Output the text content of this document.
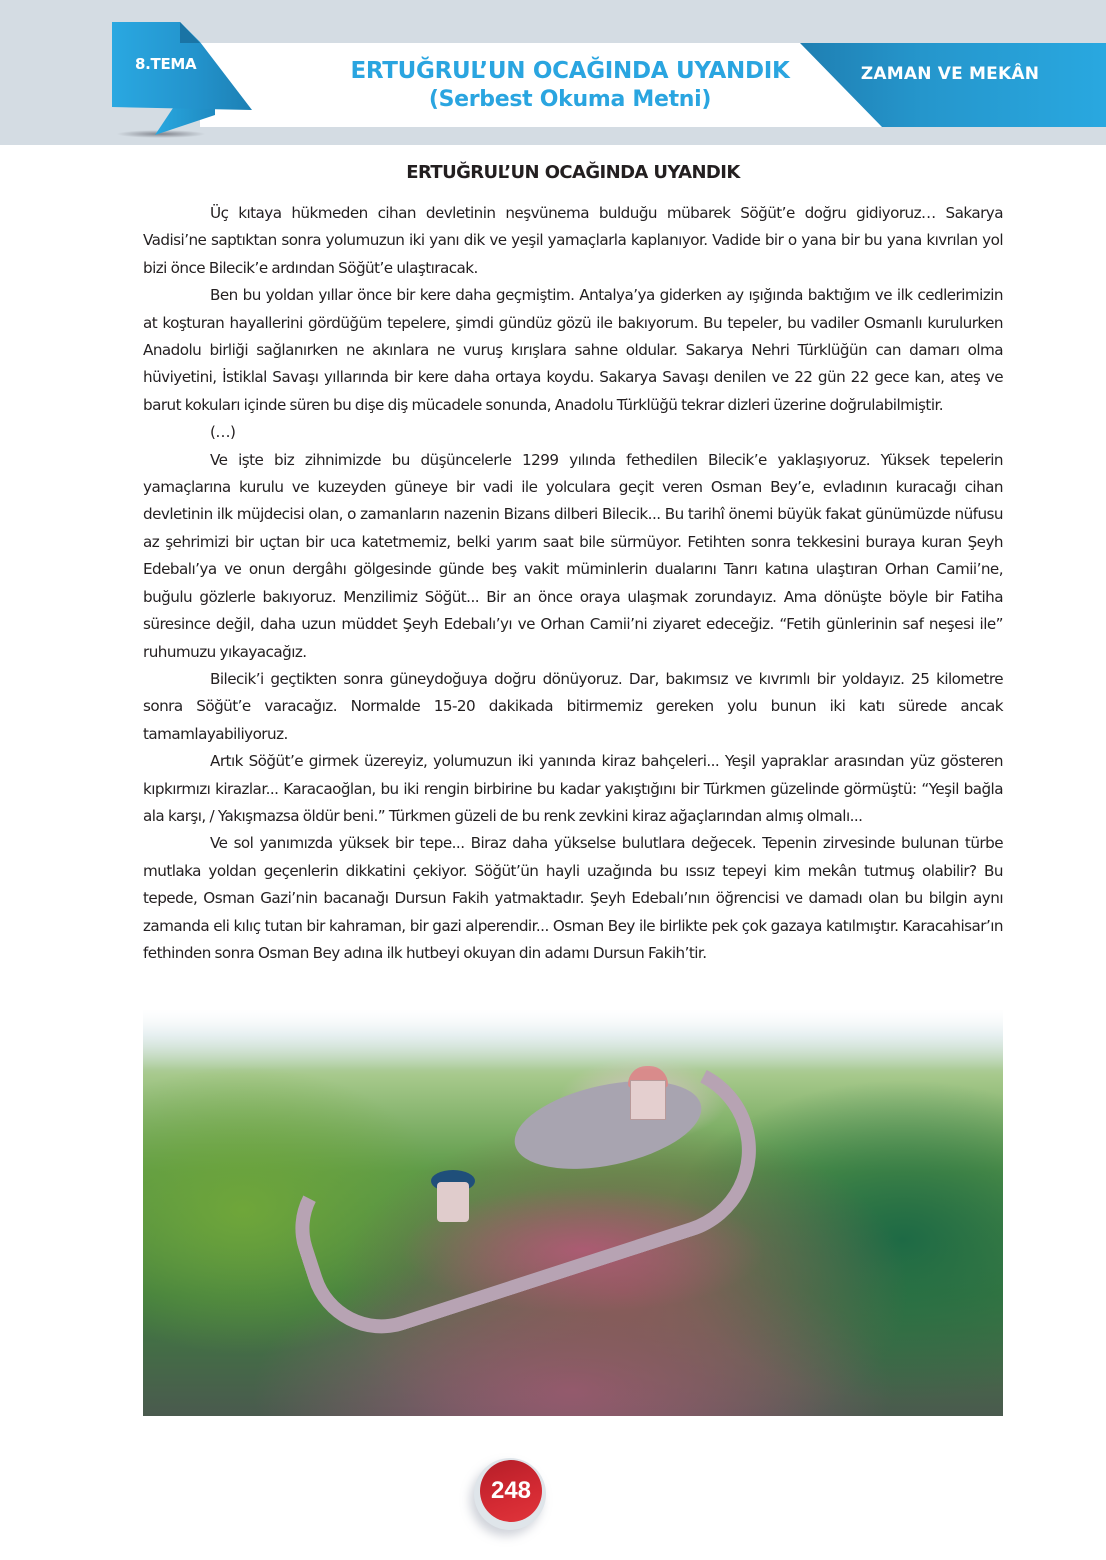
ZAMAN VE MEKÂN
8.TEMA	ERTUĞRUL’UN OCAĞINDA UYANDIK
(Serbest Okuma Metni)
ERTUĞRUL’UN OCAĞINDA UYANDIK

Üç kıtaya hükmeden cihan devletinin neşvünema bulduğu mübarek Söğüt’e doğru gidiyoruz… Sakarya Vadisi’ne saptıktan sonra yolumuzun iki yanı dik ve yeşil yamaçlarla kaplanıyor. Vadide bir o yana bir bu yana kıvrılan yol bizi önce Bilecik’e ardından Söğüt’e ulaştıracak.

Ben bu yoldan yıllar önce bir kere daha geçmiştim. Antalya’ya giderken ay ışığında baktığım ve ilk cedlerimizin at koşturan hayallerini gördüğüm tepelere, şimdi gündüz gözü ile bakıyorum. Bu tepeler, bu vadiler Osmanlı kurulurken Anadolu birliği sağlanırken ne akınlara ne vuruş kırışlara sahne oldular. Sakarya Nehri Türklüğün can damarı olma hüviyetini, İstiklal Savaşı yıllarında bir kere daha ortaya koydu. Sakarya Savaşı denilen ve 22 gün 22 gece kan, ateş ve barut kokuları içinde süren bu dişe diş mücadele sonunda, Anadolu Türklüğü tekrar dizleri üzerine doğrulabilmiştir.

(…)

Ve işte biz zihnimizde bu düşüncelerle 1299 yılında fethedilen Bilecik’e yaklaşıyoruz. Yüksek tepelerin yamaçlarına kurulu ve kuzeyden güneye bir vadi ile yolculara geçit veren Osman Bey’e, evladının kuracağı cihan devletinin ilk müjdecisi olan, o zamanların nazenin Bizans dilberi Bilecik... Bu tarihî önemi büyük fakat günümüzde nüfusu az şehrimizi bir uçtan bir uca katetmemiz, belki yarım saat bile sürmüyor. Fetihten sonra tekkesini buraya kuran Şeyh Edebalı’ya ve onun dergâhı gölgesinde günde beş vakit müminlerin dualarını Tanrı katına ulaştıran Orhan Camii’ne, buğulu gözlerle bakıyoruz. Menzilimiz Söğüt... Bir an önce oraya ulaşmak zorundayız. Ama dönüşte böyle bir Fatiha süresince değil, daha uzun müddet Şeyh Edebalı’yı ve Orhan Camii’ni ziyaret edeceğiz. “Fetih günlerinin saf neşesi ile” ruhumuzu yıkayacağız.

Bilecik’i geçtikten sonra güneydoğuya doğru dönüyoruz. Dar, bakımsız ve kıvrımlı bir yoldayız. 25 kilometre sonra Söğüt’e varacağız. Normalde 15-20 dakikada bitirmemiz gereken yolu bunun iki katı sürede ancak tamamlayabiliyoruz.

Artık Söğüt’e girmek üzereyiz, yolumuzun iki yanında kiraz bahçeleri... Yeşil yapraklar arasından yüz gösteren kıpkırmızı kirazlar... Karacaoğlan, bu iki rengin birbirine bu kadar yakıştığını bir Türkmen güzelinde görmüştü: “Yeşil bağla ala karşı, / Yakışmazsa öldür beni.” Türkmen güzeli de bu renk zevkini kiraz ağaçlarından almış olmalı...

Ve sol yanımızda yüksek bir tepe... Biraz daha yükselse bulutlara değecek. Tepenin zirvesinde bulunan türbe mutlaka yoldan geçenlerin dikkatini çekiyor. Söğüt’ün hayli uzağında bu ıssız tepeyi kim mekân tutmuş olabilir? Bu tepede, Osman Gazi’nin bacanağı Dursun Fakih yatmaktadır. Şeyh Edebalı’nın öğrencisi ve damadı olan bu bilgin aynı zamanda eli kılıç tutan bir kahraman, bir gazi alperendir... Osman Bey ile birlikte pek çok gazaya katılmıştır. Karacahisar’ın fethinden sonra Osman Bey adına ilk hutbeyi okuyan din adamı Dursun Fakih’tir.

248
